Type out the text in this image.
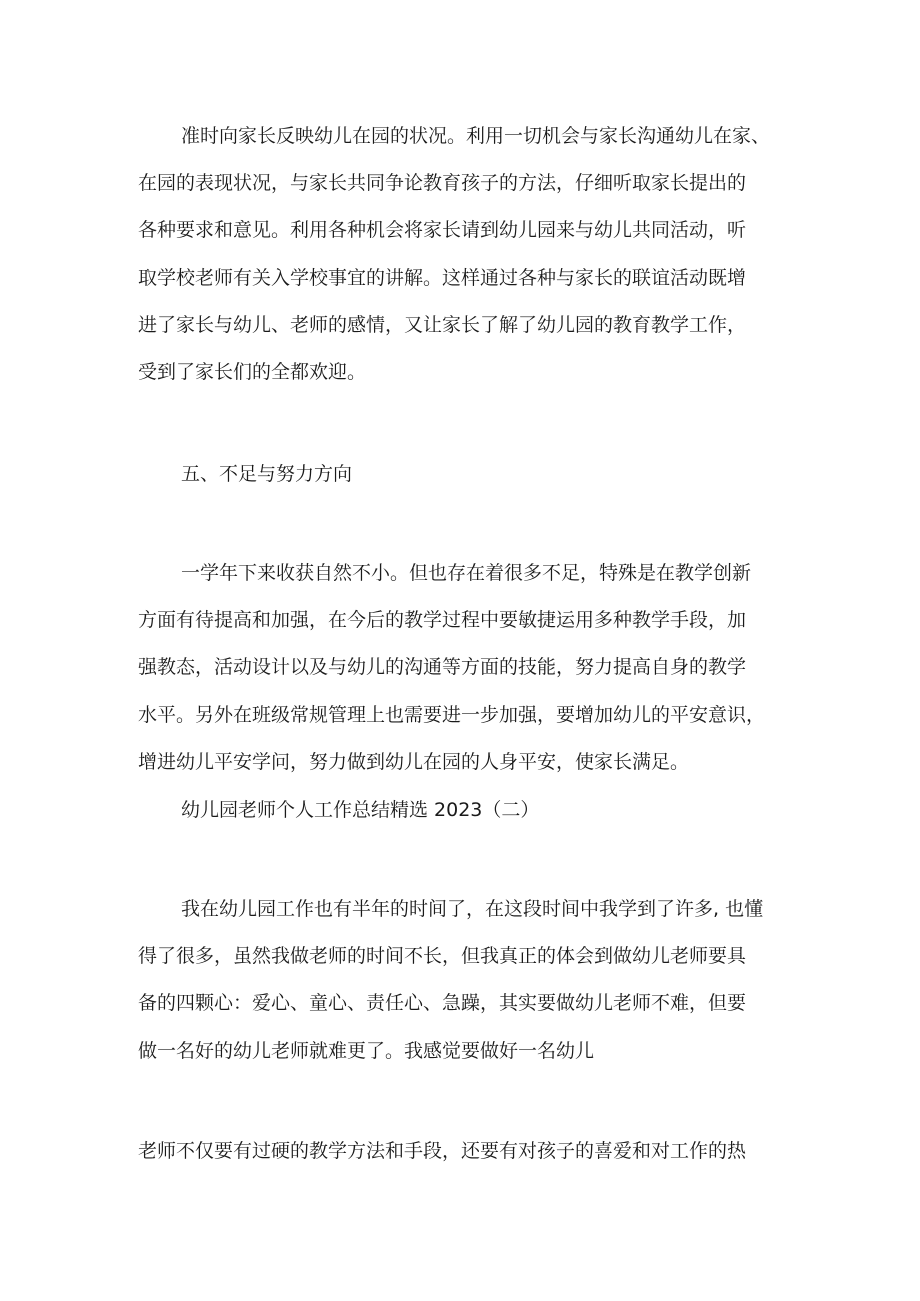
准时向家长反映幼儿在园的状况。利用一切机会与家长沟通幼儿在家、
在园的表现状况，与家长共同争论教育孩子的方法，仔细听取家长提出的
各种要求和意见。利用各种机会将家长请到幼儿园来与幼儿共同活动，听
取学校老师有关入学校事宜的讲解。这样通过各种与家长的联谊活动既增
进了家长与幼儿、老师的感情，又让家长了解了幼儿园的教育教学工作，
受到了家长们的全都欢迎。
五、不足与努力方向
一学年下来收获自然不小。但也存在着很多不足，特殊是在教学创新
方面有待提高和加强，在今后的教学过程中要敏捷运用多种教学手段，加
强教态，活动设计以及与幼儿的沟通等方面的技能，努力提高自身的教学
水平。另外在班级常规管理上也需要进一步加强，要增加幼儿的平安意识，
增进幼儿平安学问，努力做到幼儿在园的人身平安，使家长满足。
幼儿园老师个人工作总结精选 2023（二）
我在幼儿园工作也有半年的时间了，在这段时间中我学到了许多, 也懂
得了很多，虽然我做老师的时间不长，但我真正的体会到做幼儿老师要具
备的四颗心：爱心、童心、责任心、急躁，其实要做幼儿老师不难，但要
做一名好的幼儿老师就难更了。我感觉要做好一名幼儿
老师不仅要有过硬的教学方法和手段，还要有对孩子的喜爱和对工作的热
